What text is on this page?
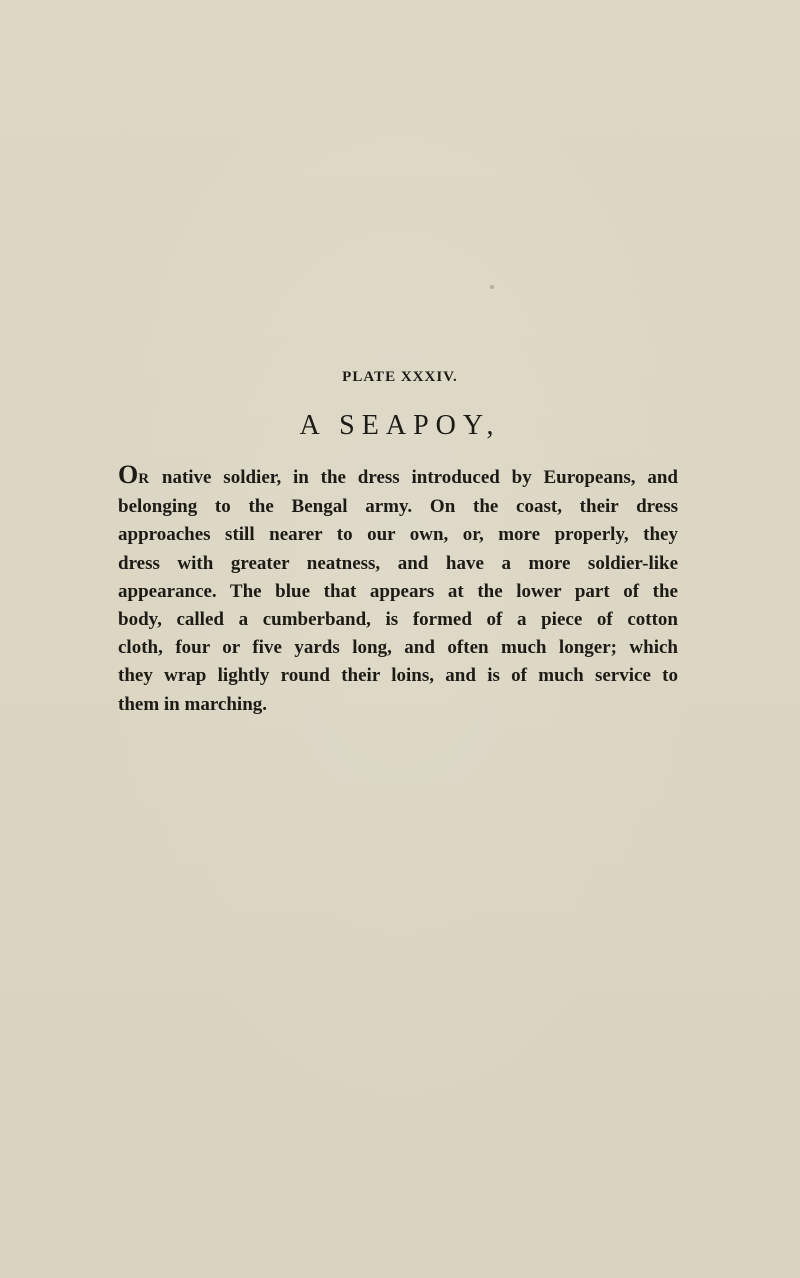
PLATE XXXIV.
A SEAPOY,
OR native soldier, in the dress introduced by Europeans, and
belonging to the Bengal army. On the coast, their dress
approaches still nearer to our own, or, more properly, they
dress with greater neatness, and have a more soldier-like
appearance. The blue that appears at the lower part of the
body, called a cumberband, is formed of a piece of cotton
cloth, four or five yards long, and often much longer; which
they wrap lightly round their loins, and is of much service to
them in marching.
